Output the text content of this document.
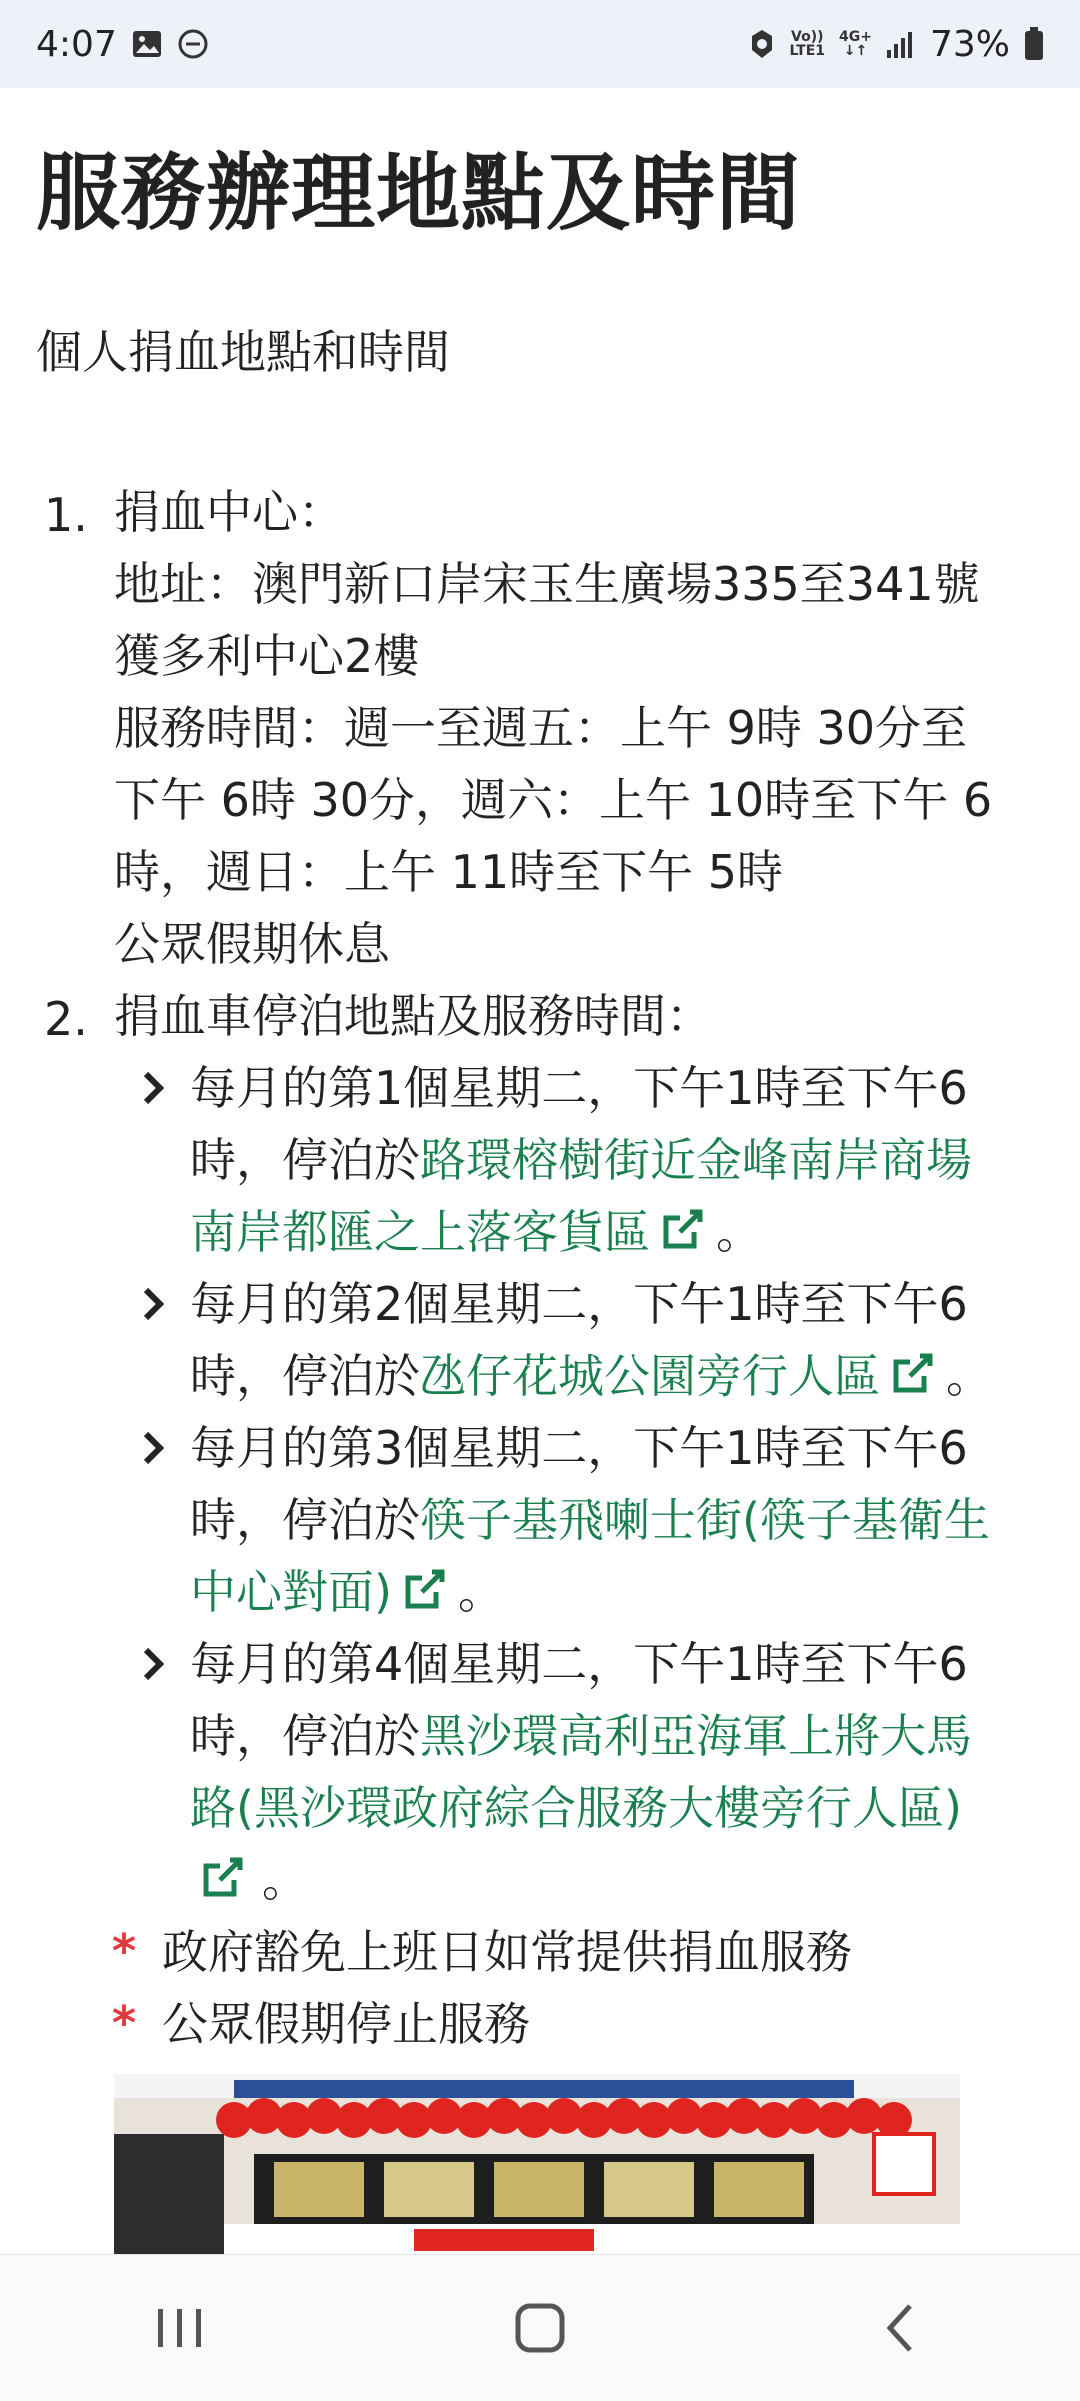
4:07	Vo))
LTE1
4G+
↓↑ 73%
服務辦理地點及時間
個人捐血地點和時間
1. 捐血中心：
地址：澳門新口岸宋玉生廣場335至341號
獲多利中心2樓
服務時間：週一至週五：上午 9時 30分至
下午 6時 30分，週六：上午 10時至下午 6
時，週日：上午 11時至下午 5時
公眾假期休息
2. 捐血車停泊地點及服務時間：
每月的第1個星期二，下午1時至下午6
時，停泊於路環榕樹街近金峰南岸商場
南岸都匯之上落客貨區 。
每月的第2個星期二，下午1時至下午6
時，停泊於氹仔花城公園旁行人區 。
每月的第3個星期二，下午1時至下午6
時，停泊於筷子基飛喇士街(筷子基衛生
中心對面) 。
每月的第4個星期二，下午1時至下午6
時，停泊於黑沙環高利亞海軍上將大馬
路(黑沙環政府綜合服務大樓旁行人區)
。
* 政府豁免上班日如常提供捐血服務
* 公眾假期停止服務
